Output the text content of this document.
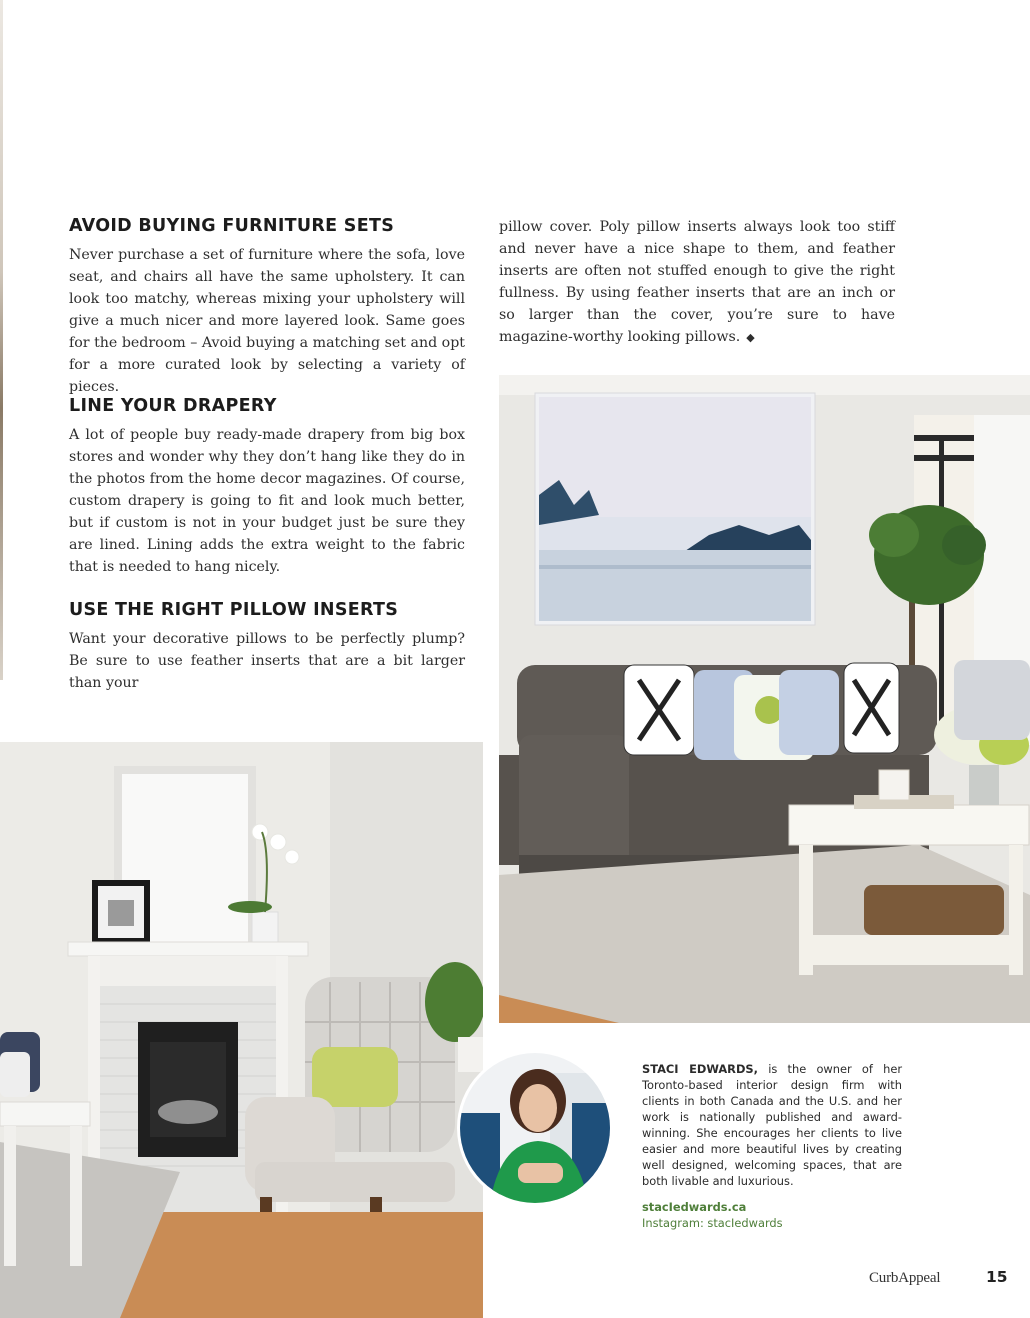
AVOID BUYING FURNITURE SETS

Never purchase a set of furniture where the sofa, love seat, and chairs all have the same upholstery. It can look too matchy, whereas mixing your upholstery will give a much nicer and more layered look. Same goes for the bedroom – Avoid buying a matching set and opt for a more curated look by selecting a variety of pieces.

LINE YOUR DRAPERY

A lot of people buy ready-made drapery from big box stores and wonder why they don’t hang like they do in the photos from the home decor magazines. Of course, custom drapery is going to fit and look much better, but if custom is not in your budget just be sure they are lined. Lining adds the extra weight to the fabric that is needed to hang nicely.

USE THE RIGHT PILLOW INSERTS

Want your decorative pillows to be perfectly plump? Be sure to use feather inserts that are a bit larger than your

pillow cover. Poly pillow inserts always look too stiff and never have a nice shape to them, and feather inserts are often not stuffed enough to give the right fullness. By using feather inserts that are an inch or so larger than the cover, you’re sure to have magazine-worthy looking pillows. ◆

STACI EDWARDS, is the owner of her Toronto-based interior design firm with clients in both Canada and the U.S. and her work is nationally published and award-winning. She encourages her clients to live easier and more beautiful lives by creating well designed, welcoming spaces, that are both livable and luxurious.
stacIedwards.ca
Instagram: stacIedwards
CurbAppeal	15
